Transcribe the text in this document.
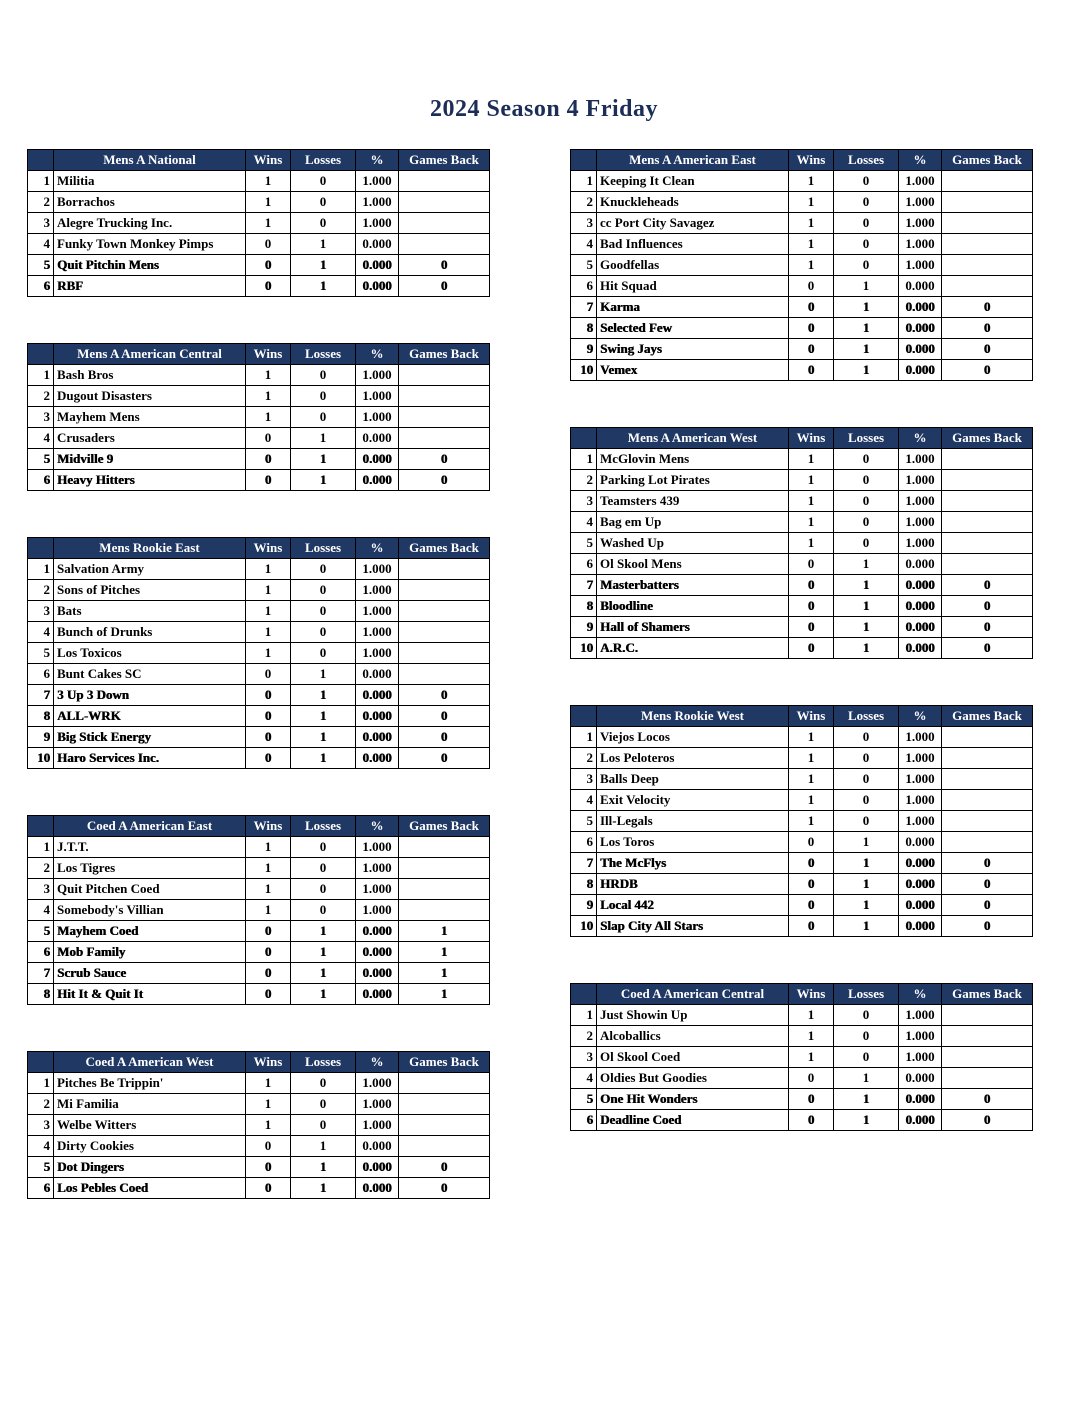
2024 Season 4 Friday
	Mens A National	Wins	Losses	%	Games Back
1	Militia	1	0	1.000	
2	Borrachos	1	0	1.000	
3	Alegre Trucking Inc.	1	0	1.000	
4	Funky Town Monkey Pimps	0	1	0.000	
5	Quit Pitchin Mens	0	1	0.000	0
6	RBF	0	1	0.000	0
	Mens A American Central	Wins	Losses	%	Games Back
1	Bash Bros	1	0	1.000	
2	Dugout Disasters	1	0	1.000	
3	Mayhem Mens	1	0	1.000	
4	Crusaders	0	1	0.000	
5	Midville 9	0	1	0.000	0
6	Heavy Hitters	0	1	0.000	0
	Mens Rookie East	Wins	Losses	%	Games Back
1	Salvation Army	1	0	1.000	
2	Sons of Pitches	1	0	1.000	
3	Bats	1	0	1.000	
4	Bunch of Drunks	1	0	1.000	
5	Los Toxicos	1	0	1.000	
6	Bunt Cakes SC	0	1	0.000	
7	3 Up 3 Down	0	1	0.000	0
8	ALL-WRK	0	1	0.000	0
9	Big Stick Energy	0	1	0.000	0
10	Haro Services Inc.	0	1	0.000	0
	Coed A American East	Wins	Losses	%	Games Back
1	J.T.T.	1	0	1.000	
2	Los Tigres	1	0	1.000	
3	Quit Pitchen Coed	1	0	1.000	
4	Somebody's Villian	1	0	1.000	
5	Mayhem Coed	0	1	0.000	1
6	Mob Family	0	1	0.000	1
7	Scrub Sauce	0	1	0.000	1
8	Hit It & Quit It	0	1	0.000	1
	Coed A American West	Wins	Losses	%	Games Back
1	Pitches Be Trippin'	1	0	1.000	
2	Mi Familia	1	0	1.000	
3	Welbe Witters	1	0	1.000	
4	Dirty Cookies	0	1	0.000	
5	Dot Dingers	0	1	0.000	0
6	Los Pebles Coed	0	1	0.000	0
	Mens A American East	Wins	Losses	%	Games Back
1	Keeping It Clean	1	0	1.000	
2	Knuckleheads	1	0	1.000	
3	cc Port City Savagez	1	0	1.000	
4	Bad Influences	1	0	1.000	
5	Goodfellas	1	0	1.000	
6	Hit Squad	0	1	0.000	
7	Karma	0	1	0.000	0
8	Selected Few	0	1	0.000	0
9	Swing Jays	0	1	0.000	0
10	Vemex	0	1	0.000	0
	Mens A American West	Wins	Losses	%	Games Back
1	McGlovin Mens	1	0	1.000	
2	Parking Lot Pirates	1	0	1.000	
3	Teamsters 439	1	0	1.000	
4	Bag em Up	1	0	1.000	
5	Washed Up	1	0	1.000	
6	Ol Skool Mens	0	1	0.000	
7	Masterbatters	0	1	0.000	0
8	Bloodline	0	1	0.000	0
9	Hall of Shamers	0	1	0.000	0
10	A.R.C.	0	1	0.000	0
	Mens Rookie West	Wins	Losses	%	Games Back
1	Viejos Locos	1	0	1.000	
2	Los Peloteros	1	0	1.000	
3	Balls Deep	1	0	1.000	
4	Exit Velocity	1	0	1.000	
5	Ill-Legals	1	0	1.000	
6	Los Toros	0	1	0.000	
7	The McFlys	0	1	0.000	0
8	HRDB	0	1	0.000	0
9	Local 442	0	1	0.000	0
10	Slap City All Stars	0	1	0.000	0
	Coed A American Central	Wins	Losses	%	Games Back
1	Just Showin Up	1	0	1.000	
2	Alcoballics	1	0	1.000	
3	Ol Skool Coed	1	0	1.000	
4	Oldies But Goodies	0	1	0.000	
5	One Hit Wonders	0	1	0.000	0
6	Deadline Coed	0	1	0.000	0
